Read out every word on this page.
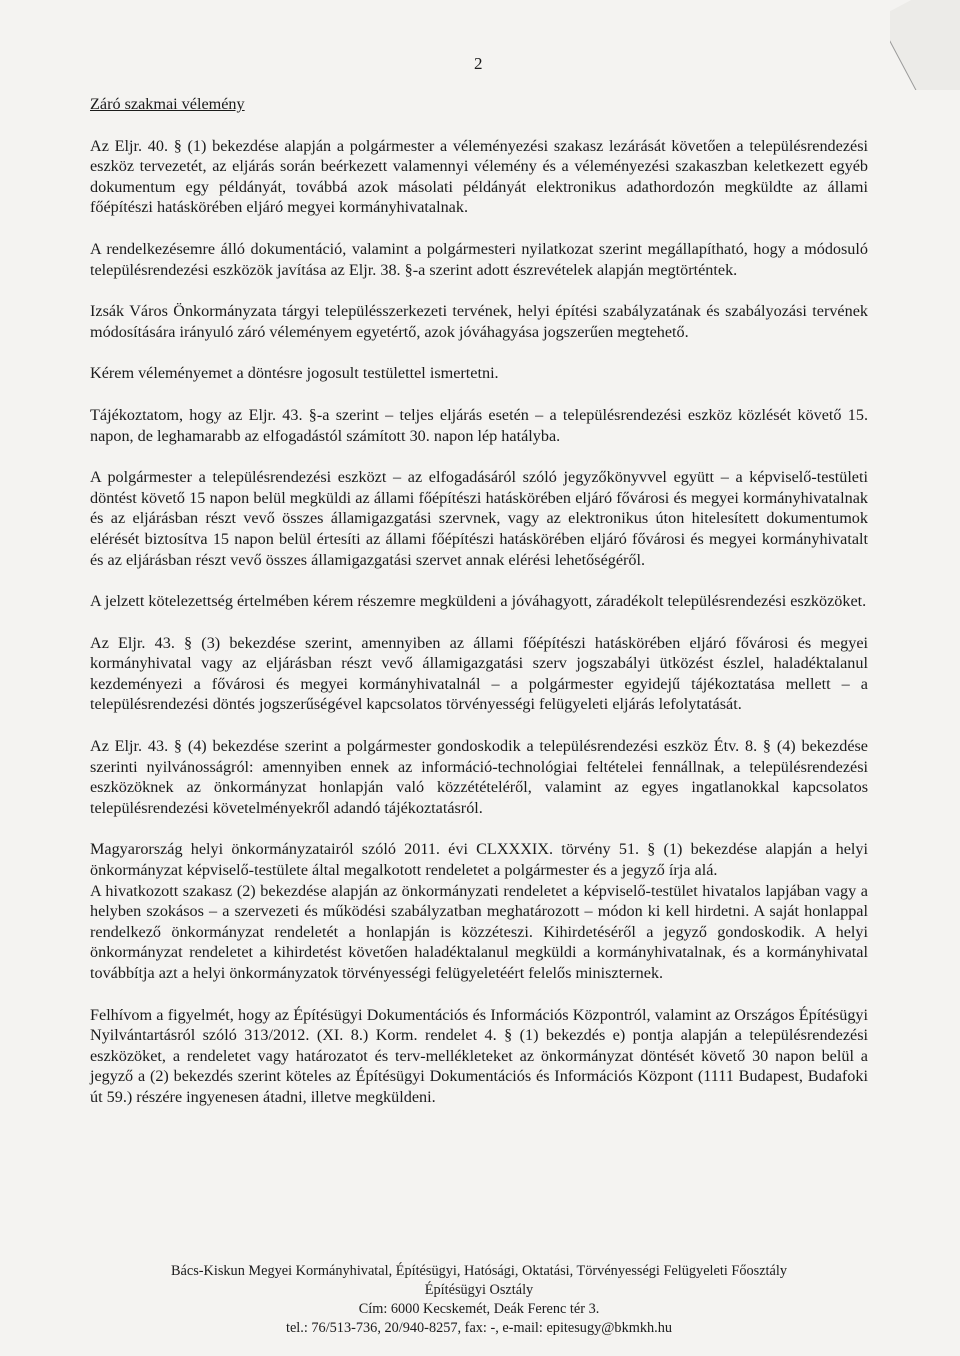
2
Záró szakmai vélemény

Az Eljr. 40. § (1) bekezdése alapján a polgármester a véleményezési szakasz lezárását követően a településrendezési eszköz tervezetét, az eljárás során beérkezett valamennyi vélemény és a véleményezési szakaszban keletkezett egyéb dokumentum egy példányát, továbbá azok másolati példányát elektronikus adathordozón megküldte az állami főépítészi hatáskörében eljáró megyei kormányhivatalnak.

A rendelkezésemre álló dokumentáció, valamint a polgármesteri nyilatkozat szerint megállapítható, hogy a módosuló településrendezési eszközök javítása az Eljr. 38. §-a szerint adott észrevételek alapján megtörténtek.

Izsák Város Önkormányzata tárgyi településszerkezeti tervének, helyi építési szabályzatának és szabályozási tervének módosítására irányuló záró véleményem egyetértő, azok jóváhagyása jogszerűen megtehető.

Kérem véleményemet a döntésre jogosult testülettel ismertetni.

Tájékoztatom, hogy az Eljr. 43. §-a szerint – teljes eljárás esetén – a településrendezési eszköz közlését követő 15. napon, de leghamarabb az elfogadástól számított 30. napon lép hatályba.

A polgármester a településrendezési eszközt – az elfogadásáról szóló jegyzőkönyvvel együtt – a képviselő-testületi döntést követő 15 napon belül megküldi az állami főépítészi hatáskörében eljáró fővárosi és megyei kormányhivatalnak és az eljárásban részt vevő összes államigazgatási szervnek, vagy az elektronikus úton hitelesített dokumentumok elérését biztosítva 15 napon belül értesíti az állami főépítészi hatáskörében eljáró fővárosi és megyei kormányhivatalt és az eljárásban részt vevő összes államigazgatási szervet annak elérési lehetőségéről.

A jelzett kötelezettség értelmében kérem részemre megküldeni a jóváhagyott, záradékolt településrendezési eszközöket.

Az Eljr. 43. § (3) bekezdése szerint, amennyiben az állami főépítészi hatáskörében eljáró fővárosi és megyei kormányhivatal vagy az eljárásban részt vevő államigazgatási szerv jogszabályi ütközést észlel, haladéktalanul kezdeményezi a fővárosi és megyei kormányhivatalnál – a polgármester egyidejű tájékoztatása mellett – a településrendezési döntés jogszerűségével kapcsolatos törvényességi felügyeleti eljárás lefolytatását.

Az Eljr. 43. § (4) bekezdése szerint a polgármester gondoskodik a településrendezési eszköz Étv. 8. § (4) bekezdése szerinti nyilvánosságról: amennyiben ennek az információ-technológiai feltételei fennállnak, a településrendezési eszközöknek az önkormányzat honlapján való közzétételéről, valamint az egyes ingatlanokkal kapcsolatos településrendezési követelményekről adandó tájékoztatásról.

Magyarország helyi önkormányzatairól szóló 2011. évi CLXXXIX. törvény 51. § (1) bekezdése alapján a helyi önkormányzat képviselő-testülete által megalkotott rendeletet a polgármester és a jegyző írja alá.

A hivatkozott szakasz (2) bekezdése alapján az önkormányzati rendeletet a képviselő-testület hivatalos lapjában vagy a helyben szokásos – a szervezeti és működési szabályzatban meghatározott – módon ki kell hirdetni. A saját honlappal rendelkező önkormányzat rendeletét a honlapján is közzéteszi. Kihirdetéséről a jegyző gondoskodik. A helyi önkormányzat rendeletet a kihirdetést követően haladéktalanul megküldi a kormányhivatalnak, és a kormányhivatal továbbítja azt a helyi önkormányzatok törvényességi felügyeletéért felelős miniszternek.

Felhívom a figyelmét, hogy az Építésügyi Dokumentációs és Információs Központról, valamint az Országos Építésügyi Nyilvántartásról szóló 313/2012. (XI. 8.) Korm. rendelet 4. § (1) bekezdés e) pontja alapján a településrendezési eszközöket, a rendeletet vagy határozatot és terv-mellékleteket az önkormányzat döntését követő 30 napon belül a jegyző a (2) bekezdés szerint köteles az Építésügyi Dokumentációs és Információs Központ (1111 Budapest, Budafoki út 59.) részére ingyenesen átadni, illetve megküldeni.

Bács-Kiskun Megyei Kormányhivatal, Építésügyi, Hatósági, Oktatási, Törvényességi Felügyeleti Főosztály
Építésügyi Osztály
Cím: 6000 Kecskemét, Deák Ferenc tér 3.
tel.: 76/513-736, 20/940-8257, fax: -, e-mail: epitesugy@bkmkh.hu
